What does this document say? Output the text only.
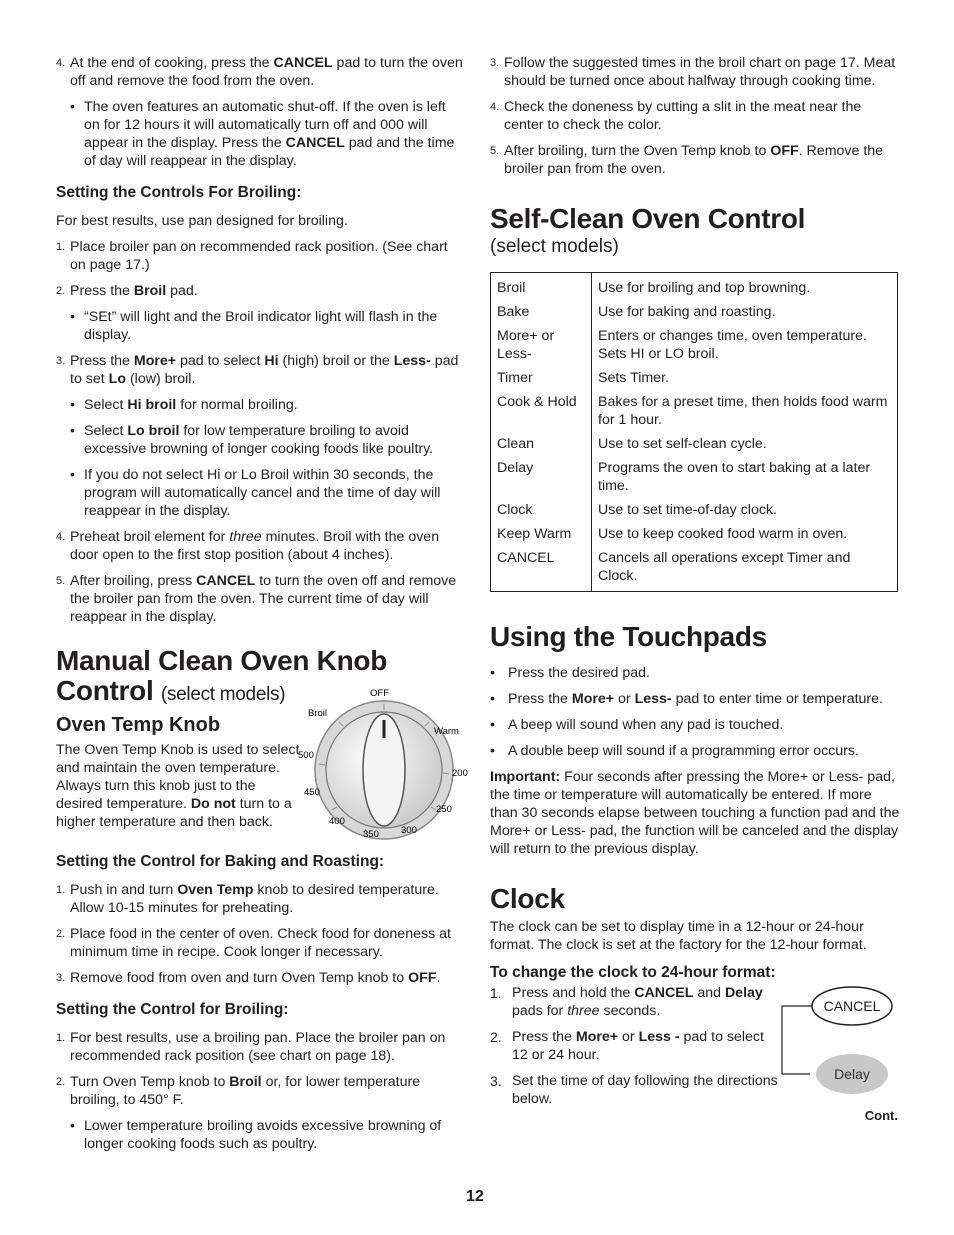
4. At the end of cooking, press the CANCEL pad to turn the oven off and remove the food from the oven.
• The oven features an automatic shut-off. If the oven is left on for 12 hours it will automatically turn off and 000 will appear in the display. Press the CANCEL pad and the time of day will reappear in the display.
Setting the Controls For Broiling:

For best results, use pan designed for broiling.

1. Place broiler pan on recommended rack position. (See chart on page 17.)
2. Press the Broil pad.
• “SEt” will light and the Broil indicator light will flash in the display.
3. Press the More+ pad to select Hi (high) broil or the Less- pad to set Lo (low) broil.
• Select Hi broil for normal broiling.
• Select Lo broil for low temperature broiling to avoid excessive browning of longer cooking foods like poultry.
• If you do not select Hi or Lo Broil within 30 seconds, the program will automatically cancel and the time of day will reappear in the display.
4. Preheat broil element for three minutes. Broil with the oven door open to the first stop position (about 4 inches).
5. After broiling, press CANCEL to turn the oven off and remove the broiler pan from the oven. The current time of day will reappear in the display.
Manual Clean Oven Knob
Control (select models)
Oven Temp Knob

The Oven Temp Knob is used to select and maintain the oven temperature. Always turn this knob just to the desired temperature. Do not turn to a higher temperature and then back.

OFF
Broil
Warm
500
200
450
250
400
350 300
Setting the Control for Baking and Roasting:
1. Push in and turn Oven Temp knob to desired temperature. Allow 10-15 minutes for preheating.
2. Place food in the center of oven. Check food for doneness at minimum time in recipe. Cook longer if necessary.
3. Remove food from oven and turn Oven Temp knob to OFF.
Setting the Control for Broiling:
1. For best results, use a broiling pan. Place the broiler pan on recommended rack position (see chart on page 18).
2. Turn Oven Temp knob to Broil or, for lower temperature broiling, to 450° F.
• Lower temperature broiling avoids excessive browning of longer cooking foods such as poultry.
3. Follow the suggested times in the broil chart on page 17. Meat should be turned once about halfway through cooking time.
4. Check the doneness by cutting a slit in the meat near the center to check the color.
5. After broiling, turn the Oven Temp knob to OFF. Remove the broiler pan from the oven.
Self-Clean Oven Control
(select models)
Broil	Use for broiling and top browning.
Bake	Use for baking and roasting.
More+ or Less-	Enters or changes time, oven temperature. Sets HI or LO broil.
Timer	Sets Timer.
Cook & Hold	Bakes for a preset time, then holds food warm for 1 hour.
Clean	Use to set self-clean cycle.
Delay	Programs the oven to start baking at a later time.
Clock	Use to set time-of-day clock.
Keep Warm	Use to keep cooked food warm in oven.
CANCEL	Cancels all operations except Timer and Clock.
Using the Touchpads
• Press the desired pad.
• Press the More+ or Less- pad to enter time or temperature.
• A beep will sound when any pad is touched.
• A double beep will sound if a programming error occurs.

Important: Four seconds after pressing the More+ or Less- pad, the time or temperature will automatically be entered. If more than 30 seconds elapse between touching a function pad and the More+ or Less- pad, the function will be canceled and the display will return to the previous display.

Clock

The clock can be set to display time in a 12-hour or 24-hour format. The clock is set at the factory for the 12-hour format.

To change the clock to 24-hour format:
1. Press and hold the CANCEL and Delay pads for three seconds.
2. Press the More+ or Less - pad to select 12 or 24 hour.
3. Set the time of day following the directions below.
CANCEL
Delay
Cont.
12
